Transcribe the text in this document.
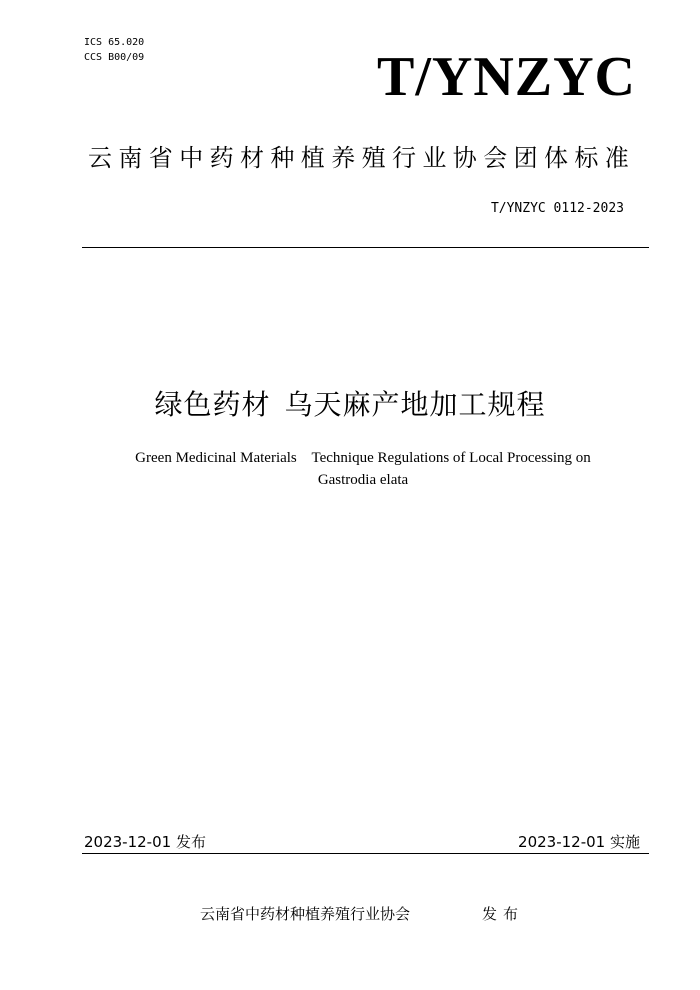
ICS 65.020
CCS B00/09	T/YNZYC
云南省中药材种植养殖行业协会团体标准
T/YNZYC 0112-2023
绿色药材 乌天麻产地加工规程
Green Medicinal Materials    Technique Regulations of Local Processing on
Gastrodia elata
2023-12-01 发布	2023-12-01 实施
云南省中药材种植养殖行业协会	发布
